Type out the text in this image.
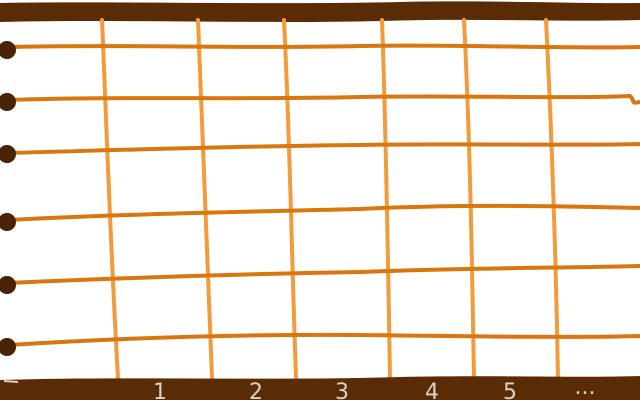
1	2	3	4	5	...
